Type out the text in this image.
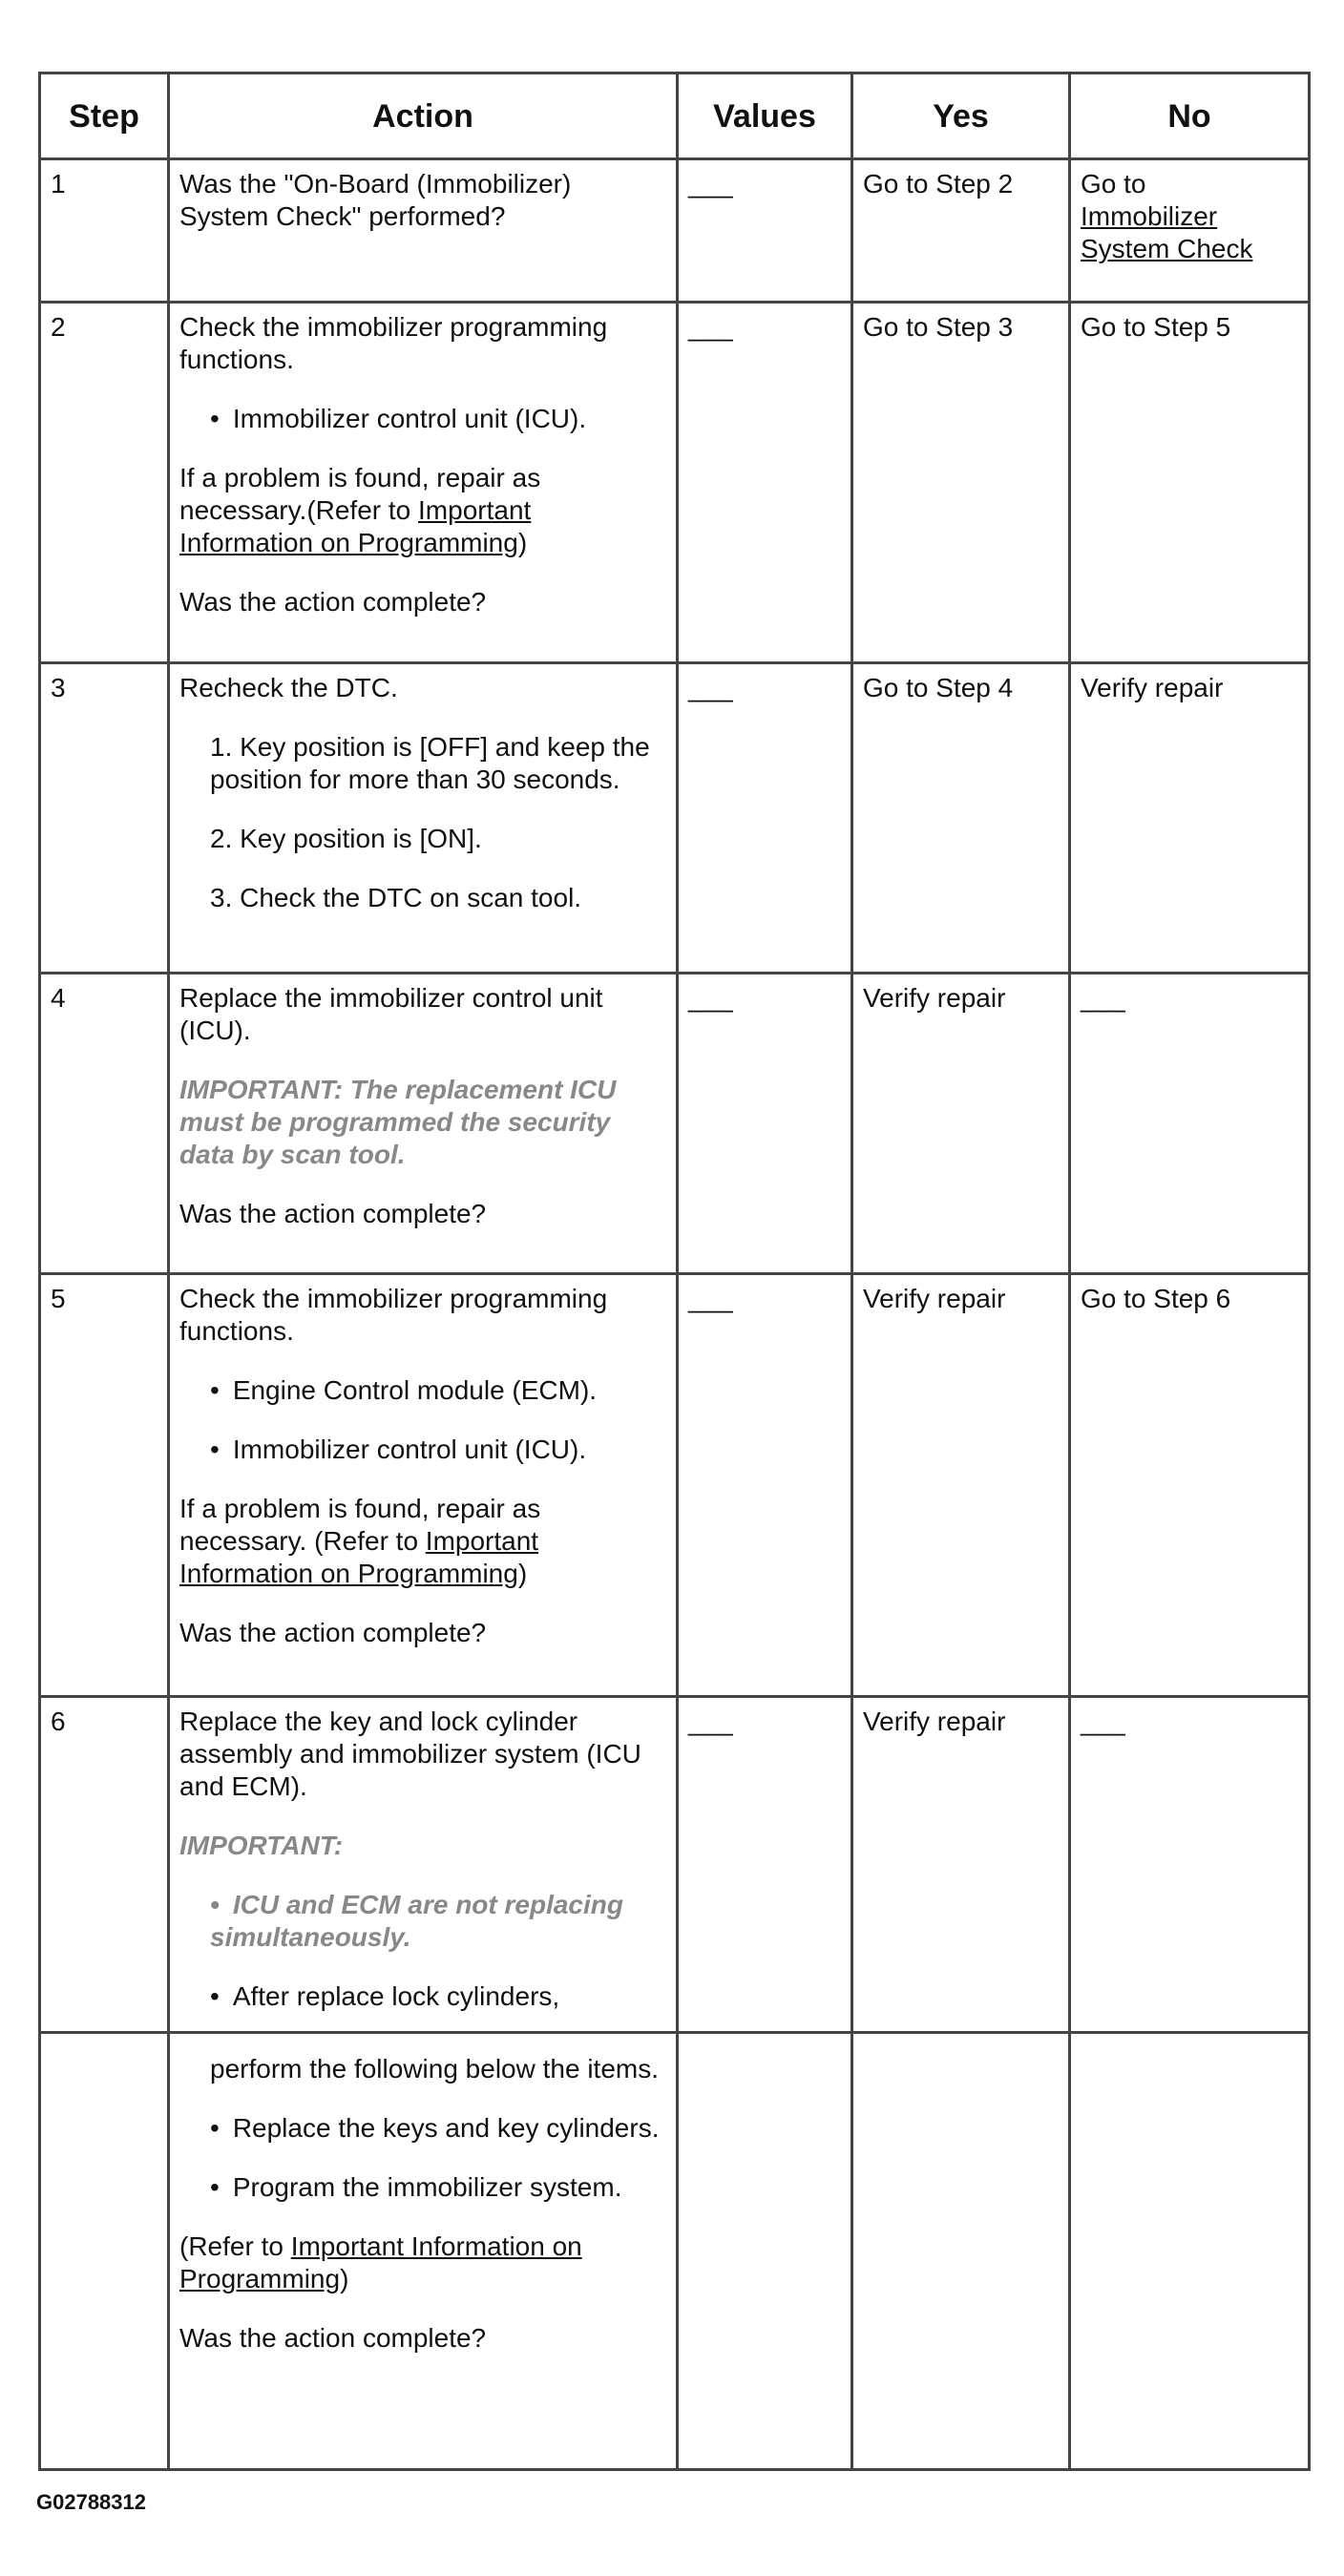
Step	Action	Values	Yes	No
1	Was the "On-Board (Immobilizer) System Check" performed?	___	Go to Step 2	Go to
Immobilizer System Check
2	Check the immobilizer programming functions.
• Immobilizer control unit (ICU).
If a problem is found, repair as necessary.(Refer to Important Information on Programming)
Was the action complete?	___	Go to Step 3	Go to Step 5
3	Recheck the DTC.
1. Key position is [OFF] and keep the position for more than 30 seconds.
2. Key position is [ON].
3. Check the DTC on scan tool.	___	Go to Step 4	Verify repair
4	Replace the immobilizer control unit (ICU).
IMPORTANT: The replacement ICU must be programmed the security data by scan tool.
Was the action complete?	___	Verify repair	___
5	Check the immobilizer programming functions.
• Engine Control module (ECM).
• Immobilizer control unit (ICU).
If a problem is found, repair as necessary. (Refer to Important Information on Programming)
Was the action complete?	___	Verify repair	Go to Step 6
6	Replace the key and lock cylinder assembly and immobilizer system (ICU and ECM).
IMPORTANT:
• ICU and ECM are not replacing simultaneously.
• After replace lock cylinders,	___	Verify repair	___

perform the following below the items.
• Replace the keys and key cylinders.
• Program the immobilizer system.
(Refer to Important Information on Programming)
Was the action complete?

G02788312
